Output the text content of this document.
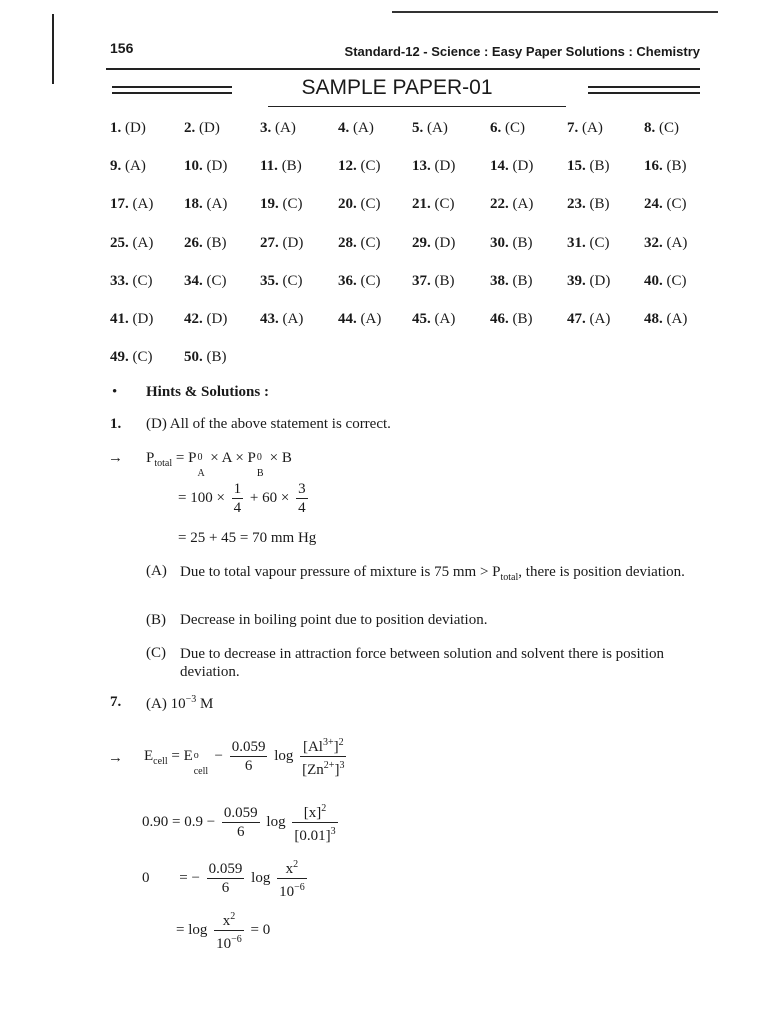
156	Standard-12 - Science : Easy Paper Solutions : Chemistry
SAMPLE PAPER-01
1. (D)	2. (D)	3. (A)	4. (A)	5. (A)	6. (C)	7. (A)	8. (C)
9. (A)	10. (D) 11. (B) 12. (C) 13. (D) 14. (D) 15. (B) 16. (B)
17. (A) 18. (A) 19. (C) 20. (C) 21. (C) 22. (A) 23. (B) 24. (C)
25. (A) 26. (B) 27. (D) 28. (C) 29. (D) 30. (B) 31. (C) 32. (A)
33. (C) 34. (C) 35. (C) 36. (C) 37. (B) 38. (B) 39. (D) 40. (C)
41. (D) 42. (D) 43. (A) 44. (A) 45. (A) 46. (B) 47. (A) 48. (A)
49. (C) 50. (B)
• Hints & Solutions :
1. (D) All of the above statement is correct.
→ $P_{total} = P$ 0
A
× A × P 0
B
× B
= $100 \times \frac{1}{4} + 60 \times \frac{3}{4}$
= 25 + 45 = 70 mm Hg
(A) Due to total vapour pressure of mixture is 75 mm > $P_{total}$, there is position deviation.
(B) Decrease in boiling point due to position deviation.
(C) Due to decrease in attraction force between solution and solvent there is position deviation.
7. (A) $10^{-3}$ M
→ $E_{cell} = E$ o
cell
− $\frac{0.059}{6}$ $\log \frac{[Al^{3+}]^2}{[Zn^{2+}]^3}$
$0.90 = 0.9 - \frac{0.059}{6}$ $\log \frac{[x]^2}{[0.01]^3}$
0 = − $\frac{0.059}{6}$ $\log \frac{x^2}{10^{-6}}$
= $\log \frac{x^2}{10^{-6}} = 0$
